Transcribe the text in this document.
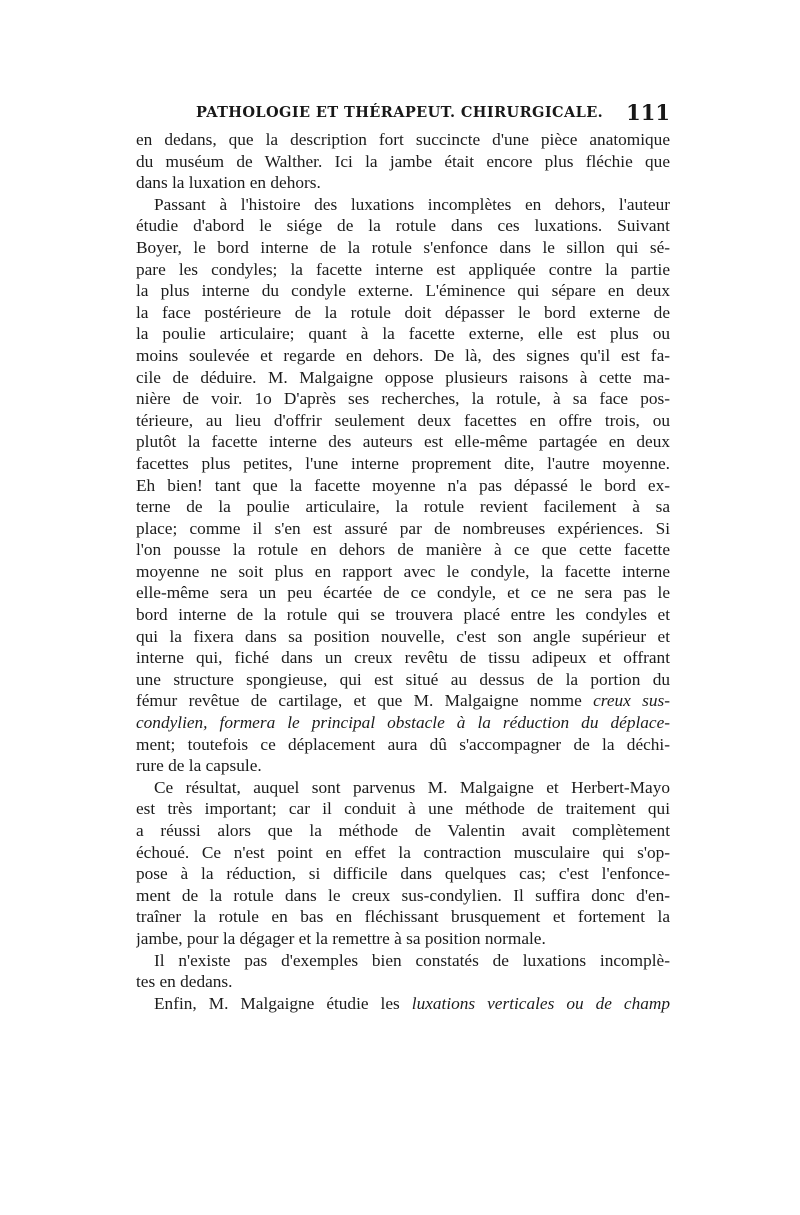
PATHOLOGIE ET THÉRAPEUT. CHIRURGICALE. 111
en dedans, que la description fort succincte d'une pièce anatomique
du muséum de Walther. Ici la jambe était encore plus fléchie que
dans la luxation en dehors.
Passant à l'histoire des luxations incomplètes en dehors, l'auteur
étudie d'abord le siége de la rotule dans ces luxations. Suivant
Boyer, le bord interne de la rotule s'enfonce dans le sillon qui sé-
pare les condyles; la facette interne est appliquée contre la partie
la plus interne du condyle externe. L'éminence qui sépare en deux
la face postérieure de la rotule doit dépasser le bord externe de
la poulie articulaire; quant à la facette externe, elle est plus ou
moins soulevée et regarde en dehors. De là, des signes qu'il est fa-
cile de déduire. M. Malgaigne oppose plusieurs raisons à cette ma-
nière de voir. 1o D'après ses recherches, la rotule, à sa face pos-
térieure, au lieu d'offrir seulement deux facettes en offre trois, ou
plutôt la facette interne des auteurs est elle-même partagée en deux
facettes plus petites, l'une interne proprement dite, l'autre moyenne.
Eh bien! tant que la facette moyenne n'a pas dépassé le bord ex-
terne de la poulie articulaire, la rotule revient facilement à sa
place; comme il s'en est assuré par de nombreuses expériences. Si
l'on pousse la rotule en dehors de manière à ce que cette facette
moyenne ne soit plus en rapport avec le condyle, la facette interne
elle-même sera un peu écartée de ce condyle, et ce ne sera pas le
bord interne de la rotule qui se trouvera placé entre les condyles et
qui la fixera dans sa position nouvelle, c'est son angle supérieur et
interne qui, fiché dans un creux revêtu de tissu adipeux et offrant
une structure spongieuse, qui est situé au dessus de la portion du
fémur revêtue de cartilage, et que M. Malgaigne nomme creux sus-
condylien, formera le principal obstacle à la réduction du déplace-
ment; toutefois ce déplacement aura dû s'accompagner de la déchi-
rure de la capsule.
Ce résultat, auquel sont parvenus M. Malgaigne et Herbert-Mayo
est très important; car il conduit à une méthode de traitement qui
a réussi alors que la méthode de Valentin avait complètement
échoué. Ce n'est point en effet la contraction musculaire qui s'op-
pose à la réduction, si difficile dans quelques cas; c'est l'enfonce-
ment de la rotule dans le creux sus-condylien. Il suffira donc d'en-
traîner la rotule en bas en fléchissant brusquement et fortement la
jambe, pour la dégager et la remettre à sa position normale.
Il n'existe pas d'exemples bien constatés de luxations incomplè-
tes en dedans.
Enfin, M. Malgaigne étudie les luxations verticales ou de champ
